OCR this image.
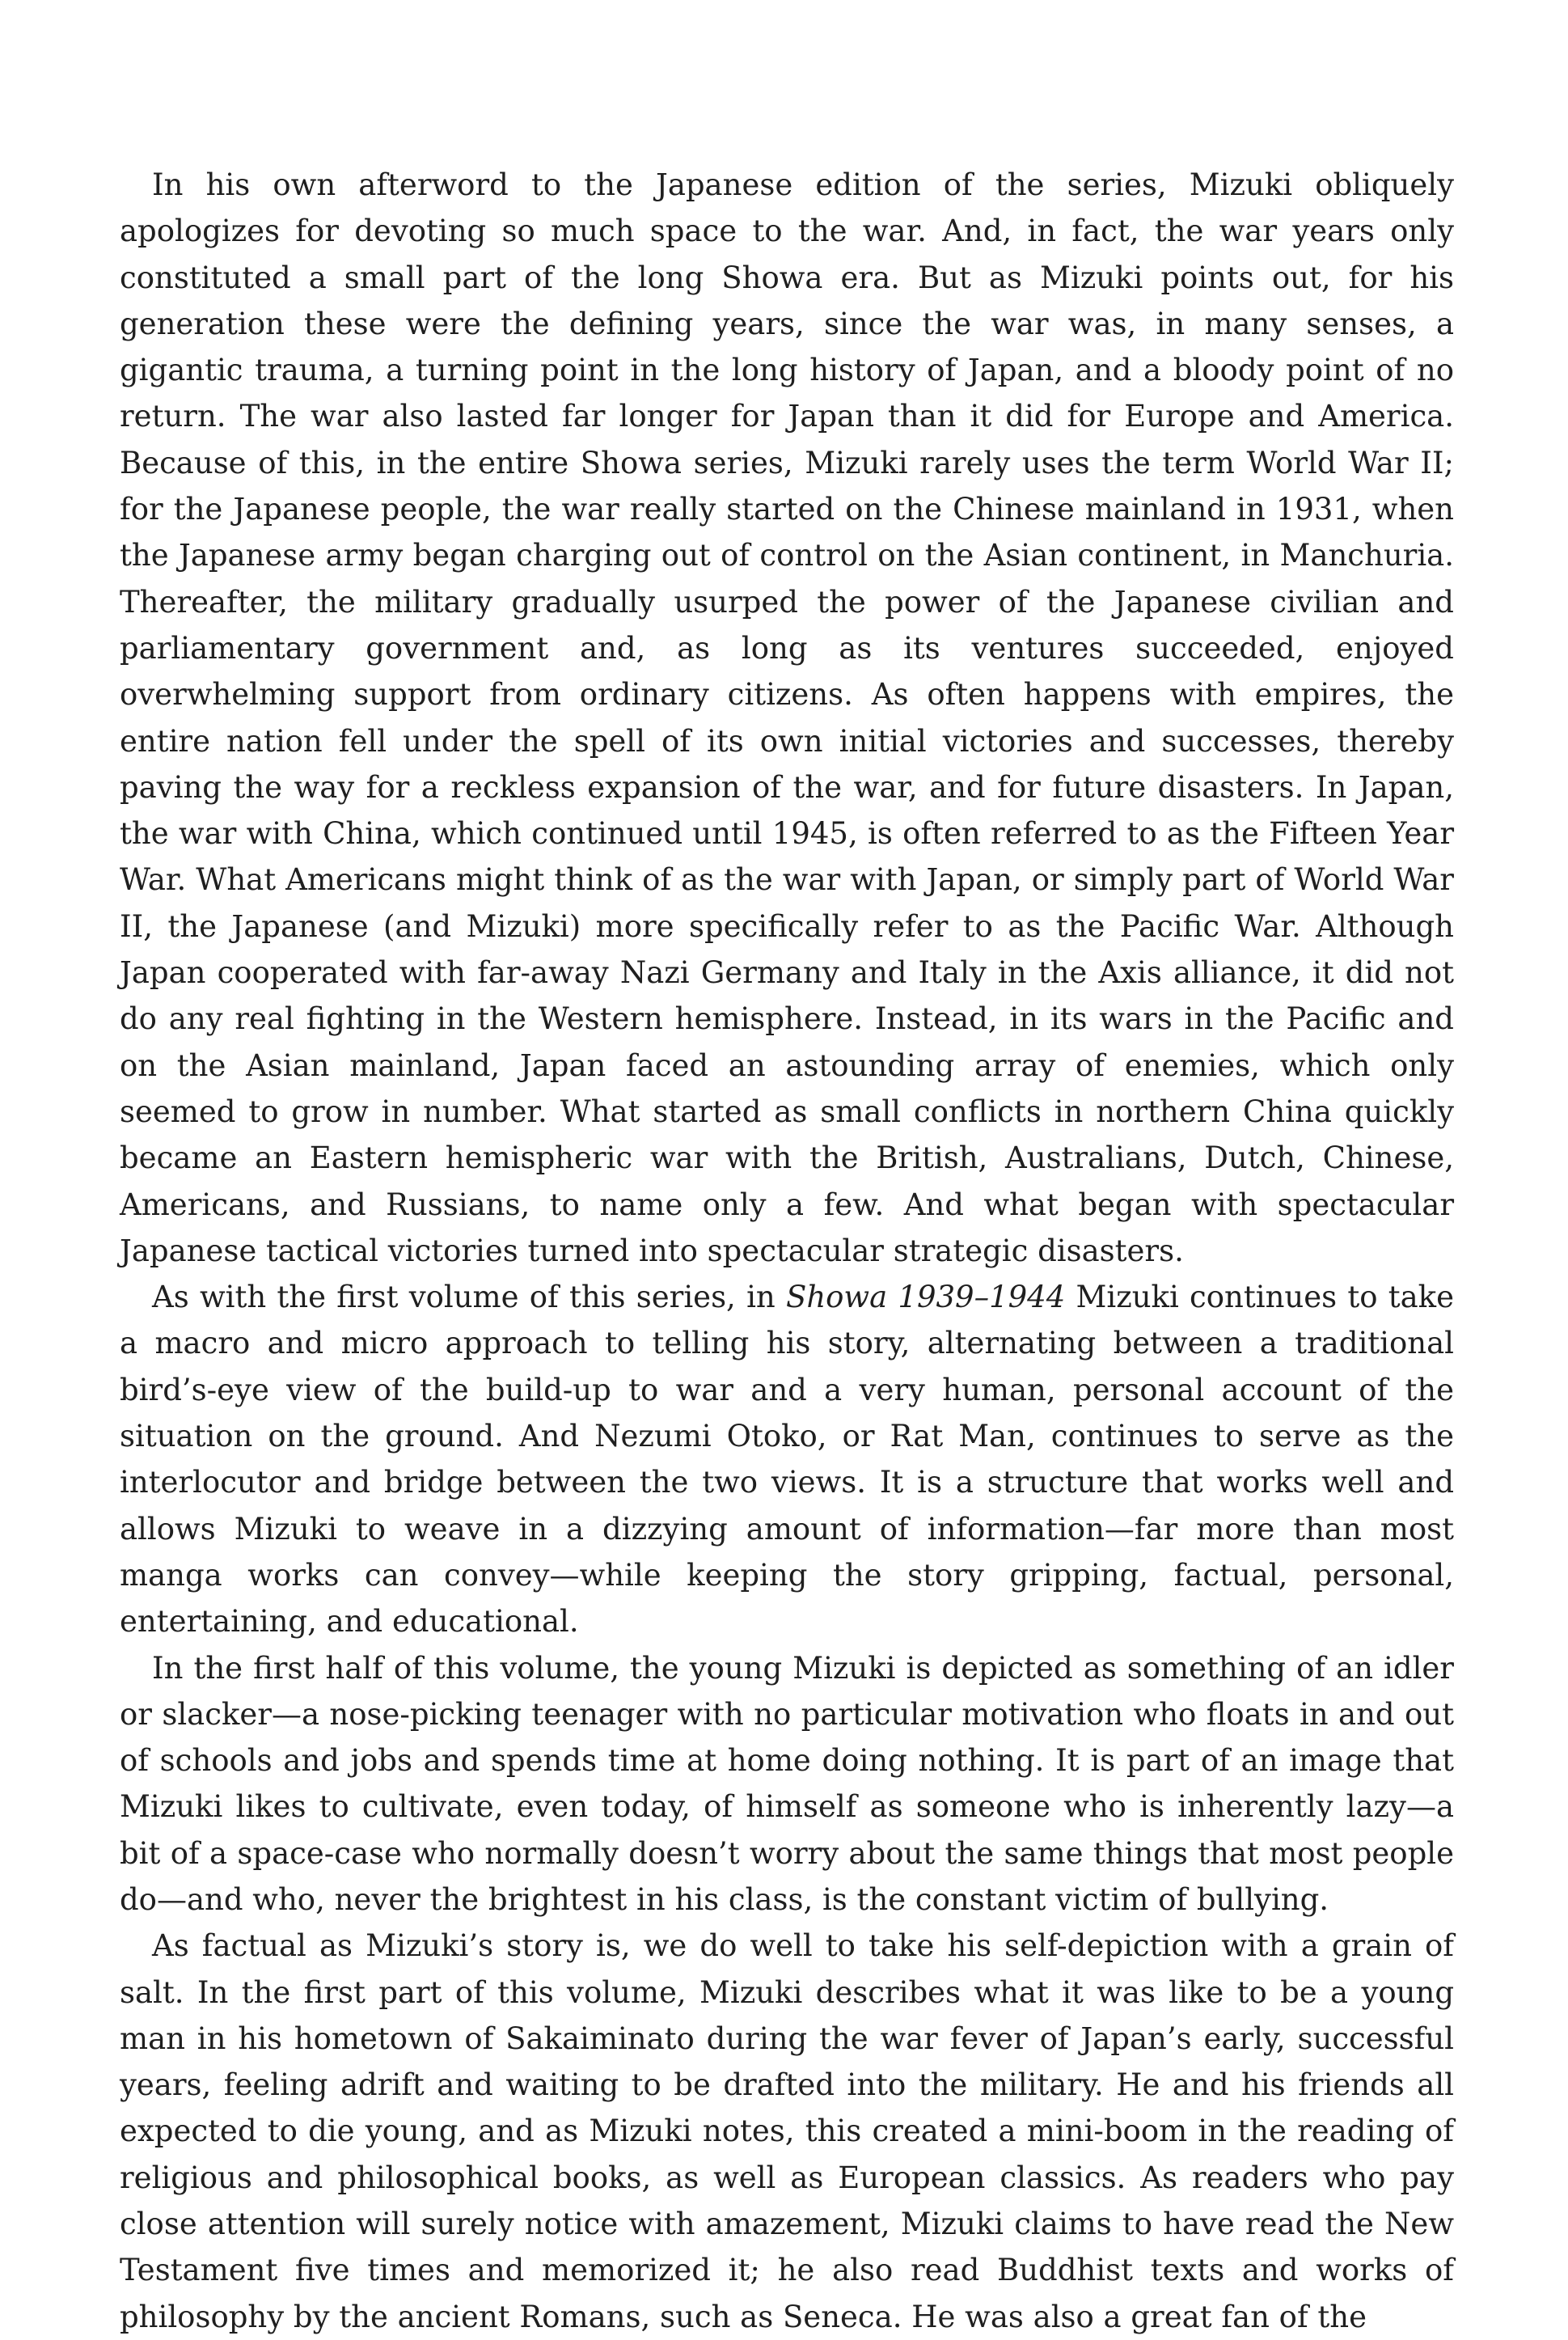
In his own afterword to the Japanese edition of the series, Mizuki obliquely apologizes for devoting so much space to the war. And, in fact, the war years only constituted a small part of the long Showa era. But as Mizuki points out, for his generation these were the defining years, since the war was, in many senses, a gigantic trauma, a turning point in the long history of Japan, and a bloody point of no return. The war also lasted far longer for Japan than it did for Europe and America. Because of this, in the entire Showa series, Mizuki rarely uses the term World War II; for the Japanese people, the war really started on the Chinese mainland in 1931, when the Japanese army began charging out of control on the Asian continent, in Manchuria. Thereafter, the military gradually usurped the power of the Japanese civilian and parliamentary government and, as long as its ventures succeeded, enjoyed overwhelming support from ordinary citizens. As often happens with empires, the entire nation fell under the spell of its own initial victories and successes, thereby paving the way for a reckless expansion of the war, and for future disasters. In Japan, the war with China, which continued until 1945, is often referred to as the Fifteen Year War. What Americans might think of as the war with Japan, or simply part of World War II, the Japanese (and Mizuki) more specifically refer to as the Pacific War. Although Japan cooperated with far-away Nazi Germany and Italy in the Axis alliance, it did not do any real fighting in the Western hemisphere. Instead, in its wars in the Pacific and on the Asian mainland, Japan faced an astounding array of enemies, which only seemed to grow in number. What started as small conflicts in northern China quickly became an Eastern hemispheric war with the British, Australians, Dutch, Chinese, Americans, and Russians, to name only a few. And what began with spectacular Japanese tactical victories turned into spectacular strategic disasters.

As with the first volume of this series, in Showa 1939–1944 Mizuki continues to take a macro and micro approach to telling his story, alternating between a traditional bird’s-eye view of the build-up to war and a very human, personal account of the situation on the ground. And Nezumi Otoko, or Rat Man, continues to serve as the interlocutor and bridge between the two views. It is a structure that works well and allows Mizuki to weave in a dizzying amount of information—far more than most manga works can convey—while keeping the story gripping, factual, personal, entertaining, and educational.

In the first half of this volume, the young Mizuki is depicted as something of an idler or slacker—a nose-picking teenager with no particular motivation who floats in and out of schools and jobs and spends time at home doing nothing. It is part of an image that Mizuki likes to cultivate, even today, of himself as someone who is inherently lazy—a bit of a space-case who normally doesn’t worry about the same things that most people do—and who, never the brightest in his class, is the constant victim of bullying.

As factual as Mizuki’s story is, we do well to take his self-depiction with a grain of salt. In the first part of this volume, Mizuki describes what it was like to be a young man in his hometown of Sakaiminato during the war fever of Japan’s early, successful years, feeling adrift and waiting to be drafted into the military. He and his friends all expected to die young, and as Mizuki notes, this created a mini-boom in the reading of religious and philosophical books, as well as European classics. As readers who pay close attention will surely notice with amazement, Mizuki claims to have read the New Testament five times and memorized it; he also read Buddhist texts and works of philosophy by the ancient Romans, such as Seneca. He was also a great fan of the
